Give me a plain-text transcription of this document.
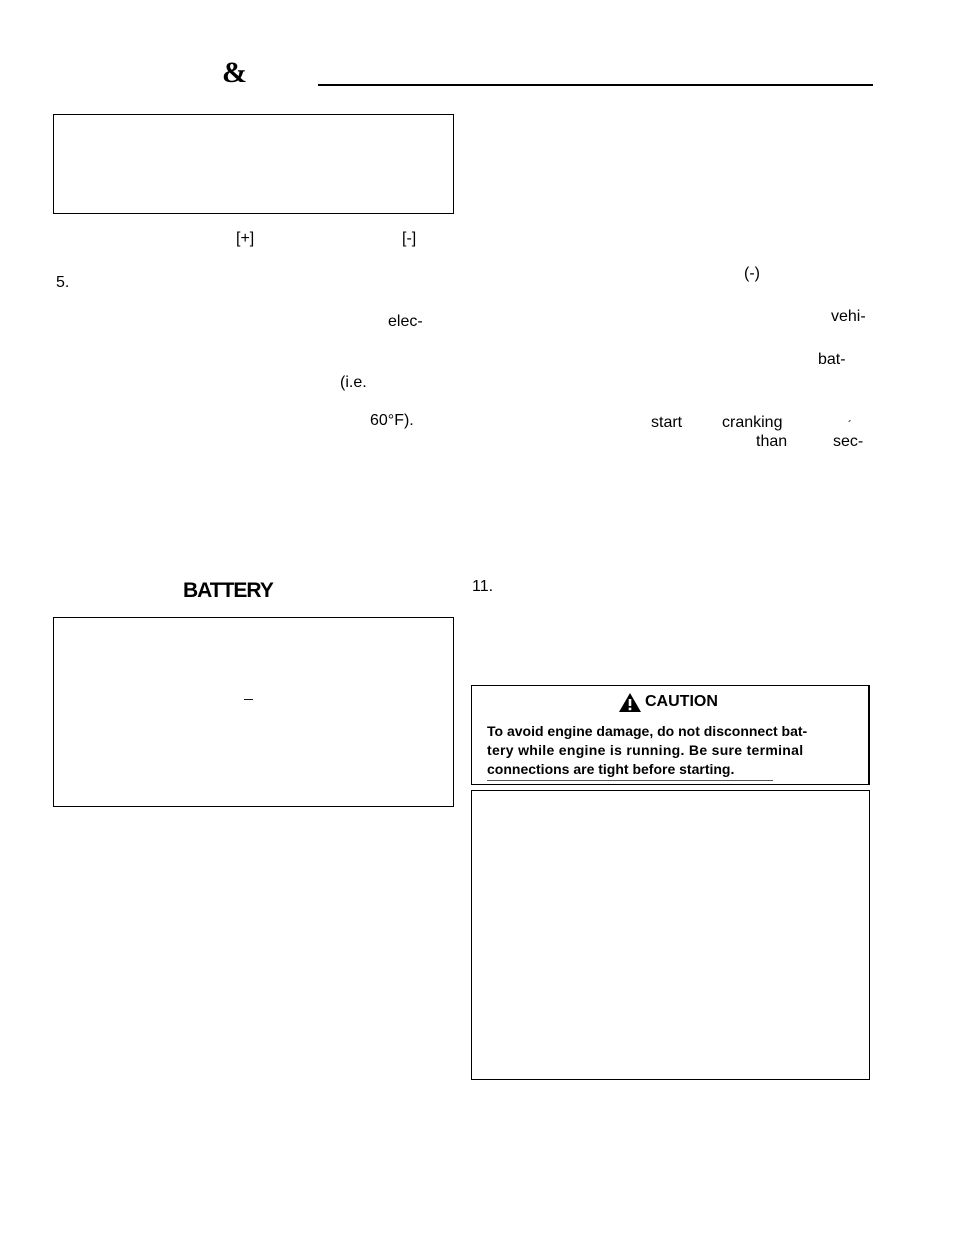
&
[+]	[-]
5.
elec-
(i.e.
60°F).
BATTERY
—
(-)
vehi-
bat-
start cranking	´
than	sec-
11.
CAUTION
To avoid engine damage, do not disconnect bat-
tery while engine is running. Be sure terminal
connections are tight before starting.
